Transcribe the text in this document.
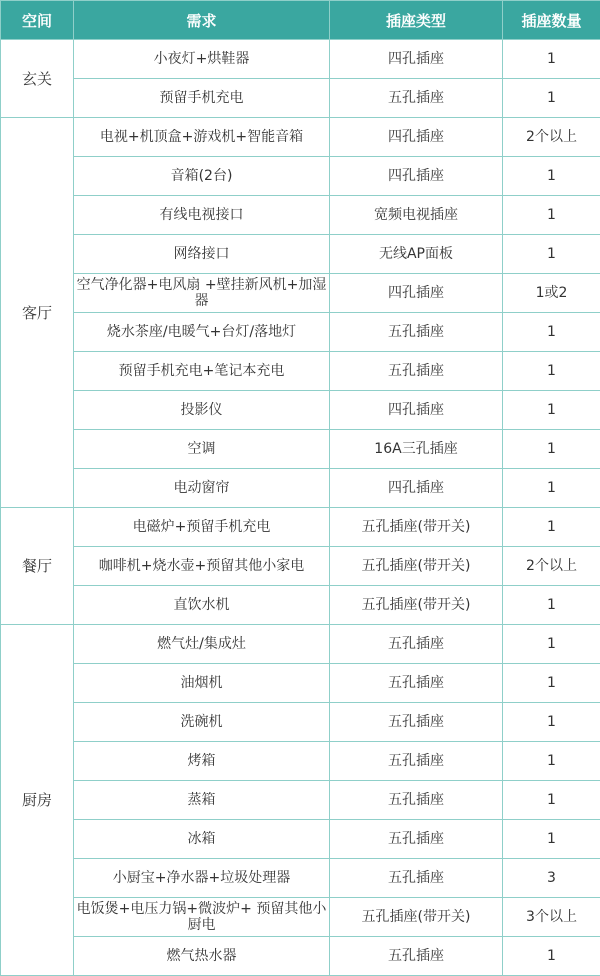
空间	需求	插座类型	插座数量
玄关	小夜灯+烘鞋器	四孔插座	1
	预留手机充电	五孔插座	1
客厅	电视+机顶盒+游戏机+智能音箱	四孔插座	2个以上
	音箱(2台)	四孔插座	1
	有线电视接口	宽频电视插座	1
	网络接口	无线AP面板	1
	空气净化器+电风扇 +壁挂新风机+加湿器	四孔插座	1或2
	烧水茶座/电暖气+台灯/落地灯	五孔插座	1
	预留手机充电+笔记本充电	五孔插座	1
	投影仪	四孔插座	1
	空调	16A三孔插座	1
	电动窗帘	四孔插座	1
餐厅	电磁炉+预留手机充电	五孔插座(带开关)	1
	咖啡机+烧水壶+预留其他小家电	五孔插座(带开关)	2个以上
	直饮水机	五孔插座(带开关)	1
厨房	燃气灶/集成灶	五孔插座	1
	油烟机	五孔插座	1
	洗碗机	五孔插座	1
	烤箱	五孔插座	1
	蒸箱	五孔插座	1
	冰箱	五孔插座	1
	小厨宝+净水器+垃圾处理器	五孔插座	3
	电饭煲+电压力锅+微波炉+ 预留其他小厨电	五孔插座(带开关)	3个以上
	燃气热水器	五孔插座	1
